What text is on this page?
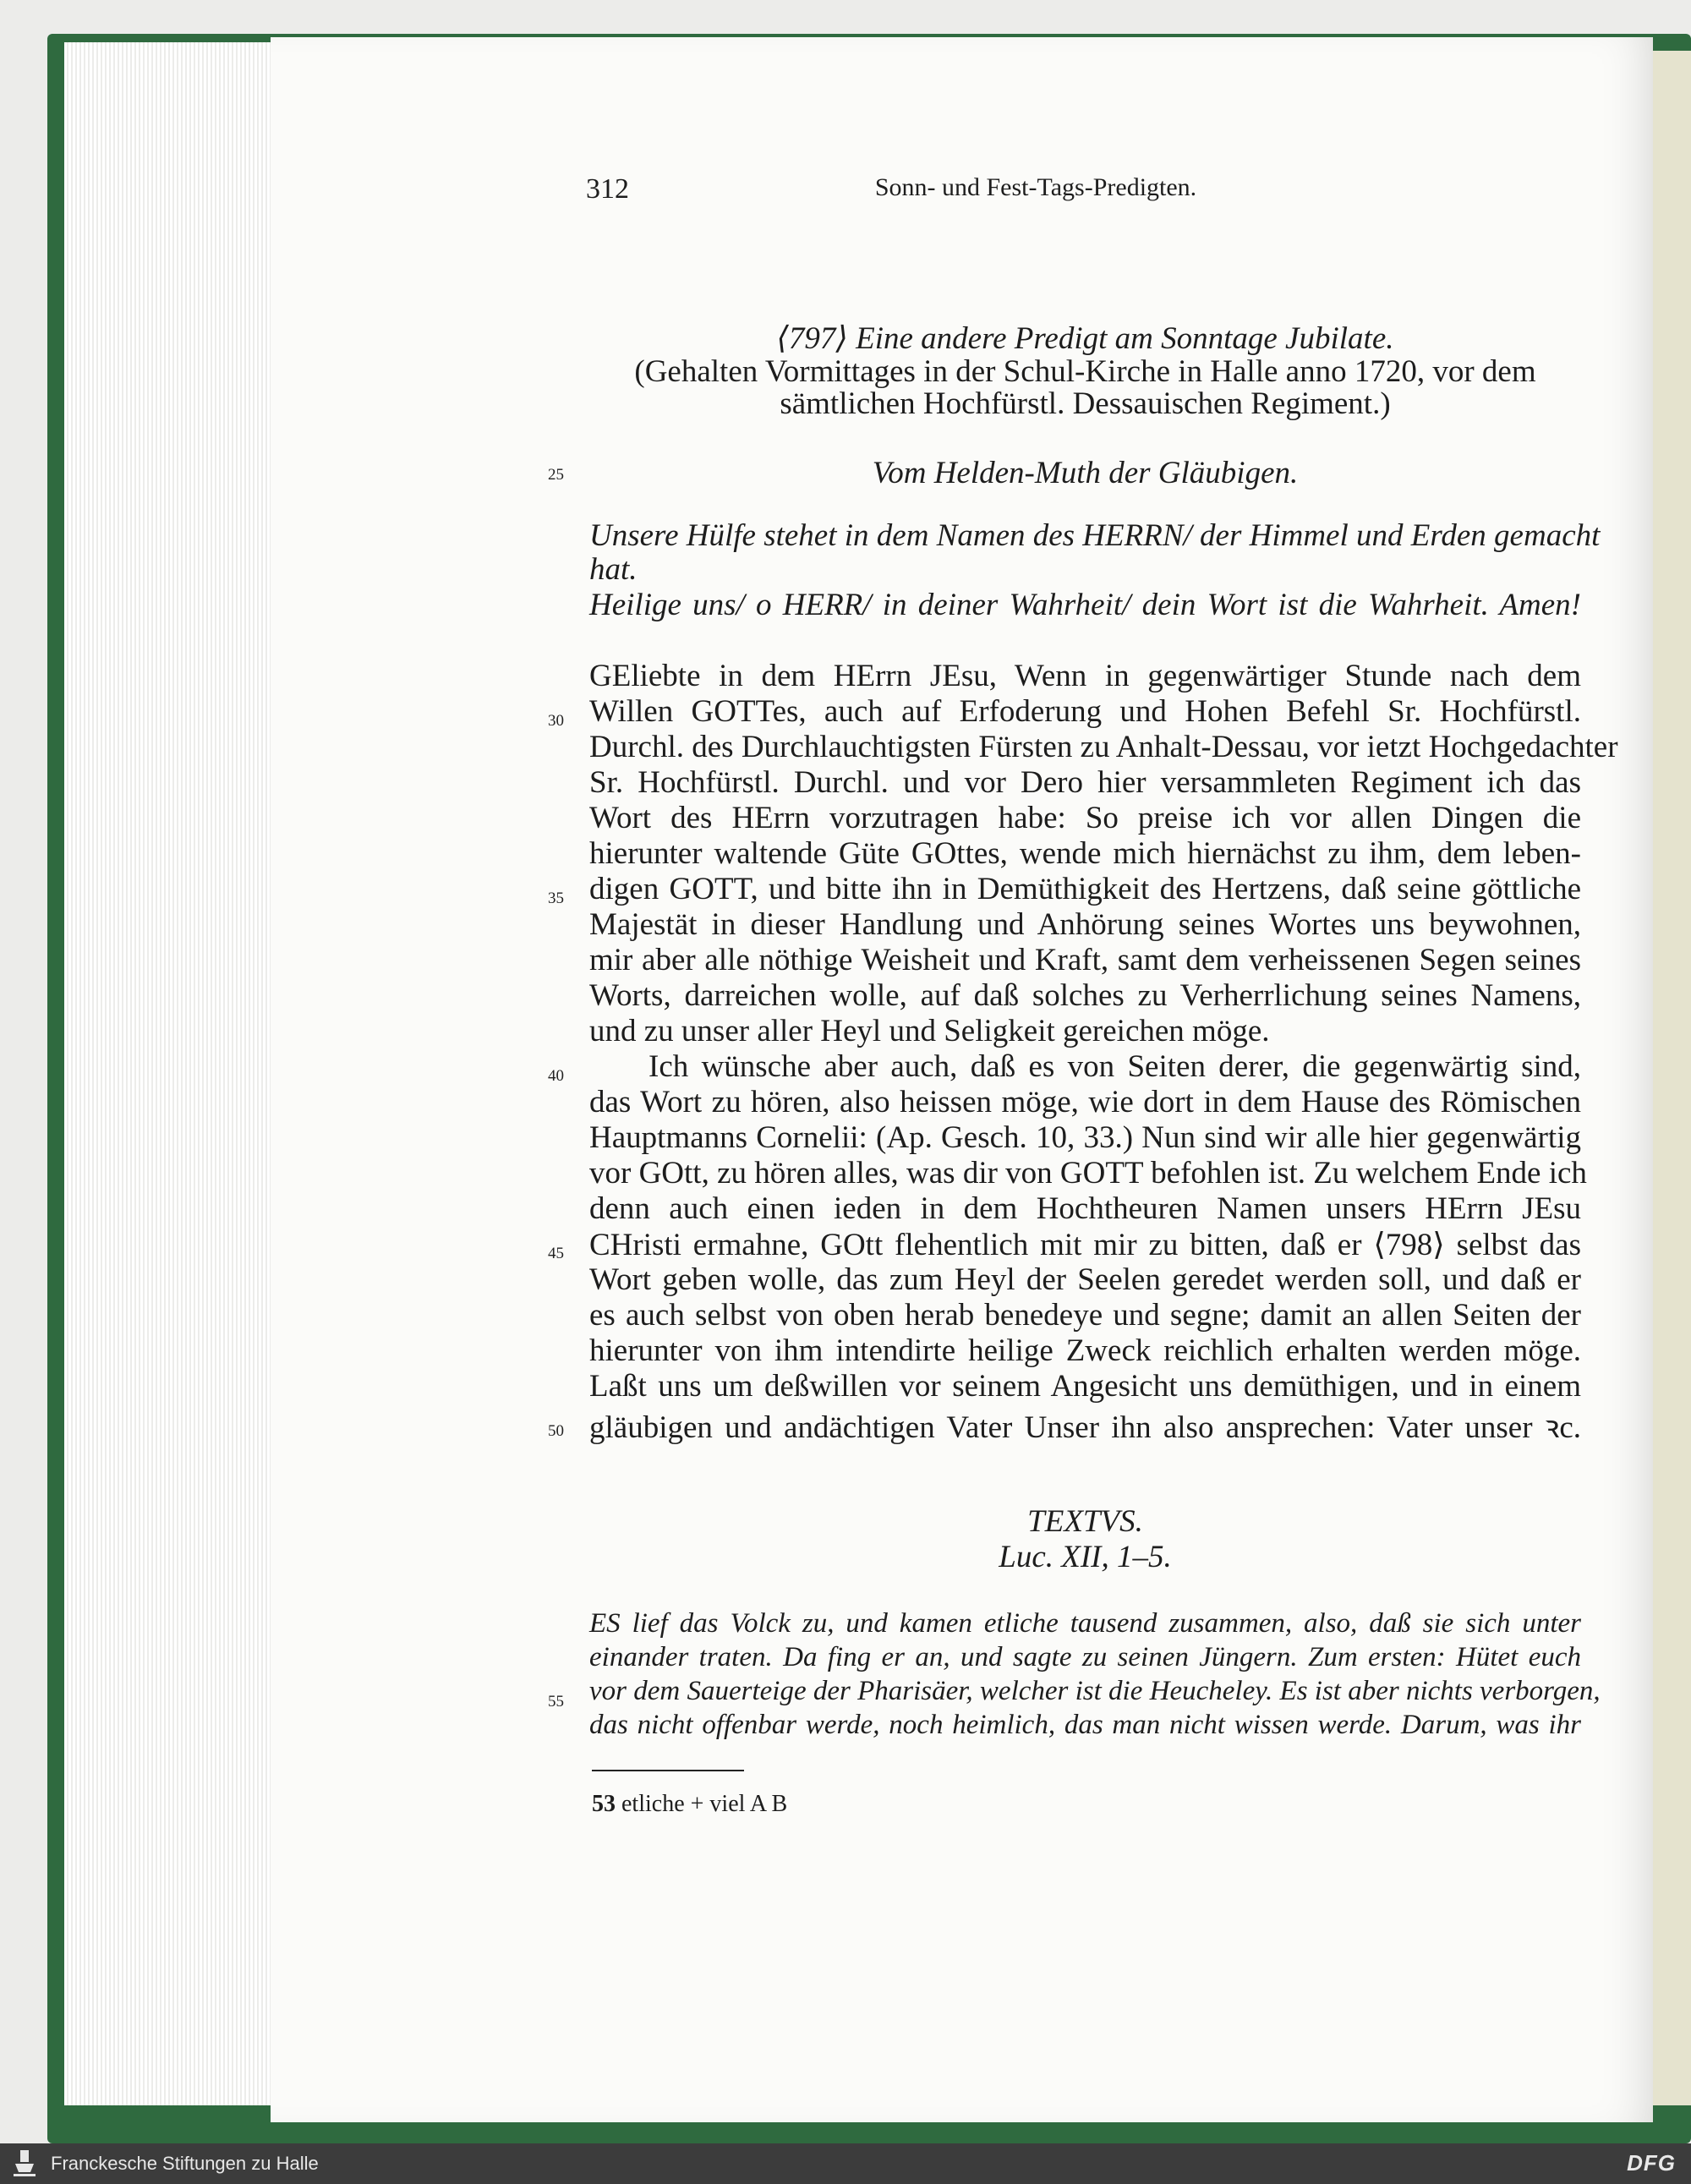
312	Sonn- und Fest-Tags-Predigten.
⟨797⟩ Eine andere Predigt am Sonntage Jubilate.
(Gehalten Vormittages in der Schul-Kirche in Halle anno 1720, vor dem
sämtlichen Hochfürstl. Dessauischen Regiment.)
25	Vom Helden-Muth der Gläubigen.
Unsere Hülfe stehet in dem Namen des HERRN/ der Himmel und Erden gemacht
hat.
Heilige uns/ o HERR/ in deiner Wahrheit/ dein Wort ist die Wahrheit. Amen!
GEliebte in dem HErrn JEsu, Wenn in gegenwärtiger Stunde nach dem
30 Willen GOTTes, auch auf Erfoderung und Hohen Befehl Sr. Hochfürstl.
Durchl. des Durchlauchtigsten Fürsten zu Anhalt-Dessau, vor ietzt Hochgedachter
Sr. Hochfürstl. Durchl. und vor Dero hier versammleten Regiment ich das
Wort des HErrn vorzutragen habe: So preise ich vor allen Dingen die
hierunter waltende Güte GOttes, wende mich hiernächst zu ihm, dem leben-
35 digen GOTT, und bitte ihn in Demüthigkeit des Hertzens, daß seine göttliche
Majestät in dieser Handlung und Anhörung seines Wortes uns beywohnen,
mir aber alle nöthige Weisheit und Kraft, samt dem verheissenen Segen seines
Worts, darreichen wolle, auf daß solches zu Verherrlichung seines Namens,
und zu unser aller Heyl und Seligkeit gereichen möge.
40	Ich wünsche aber auch, daß es von Seiten derer, die gegenwärtig sind,
das Wort zu hören, also heissen möge, wie dort in dem Hause des Römischen
Hauptmanns Cornelii: (Ap. Gesch. 10, 33.) Nun sind wir alle hier gegenwärtig
vor GOtt, zu hören alles, was dir von GOTT befohlen ist. Zu welchem Ende ich
denn auch einen ieden in dem Hochtheuren Namen unsers HErrn JEsu
45 CHristi ermahne, GOtt flehentlich mit mir zu bitten, daß er ⟨798⟩ selbst das
Wort geben wolle, das zum Heyl der Seelen geredet werden soll, und daß er
es auch selbst von oben herab benedeye und segne; damit an allen Seiten der
hierunter von ihm intendirte heilige Zweck reichlich erhalten werden möge.
Laßt uns um deßwillen vor seinem Angesicht uns demüthigen, und in einem
50 gläubigen und andächtigen Vater Unser ihn also ansprechen: Vater unser ꝛc.
TEXTVS.
Luc. XII, 1–5.
ES lief das Volck zu, und kamen etliche tausend zusammen, also, daß sie sich unter
einander traten. Da fing er an, und sagte zu seinen Jüngern. Zum ersten: Hütet euch
55 vor dem Sauerteige der Pharisäer, welcher ist die Heucheley. Es ist aber nichts verborgen,
das nicht offenbar werde, noch heimlich, das man nicht wissen werde. Darum, was ihr
53 etliche + viel A B
Franckesche Stiftungen zu Halle	DFG
